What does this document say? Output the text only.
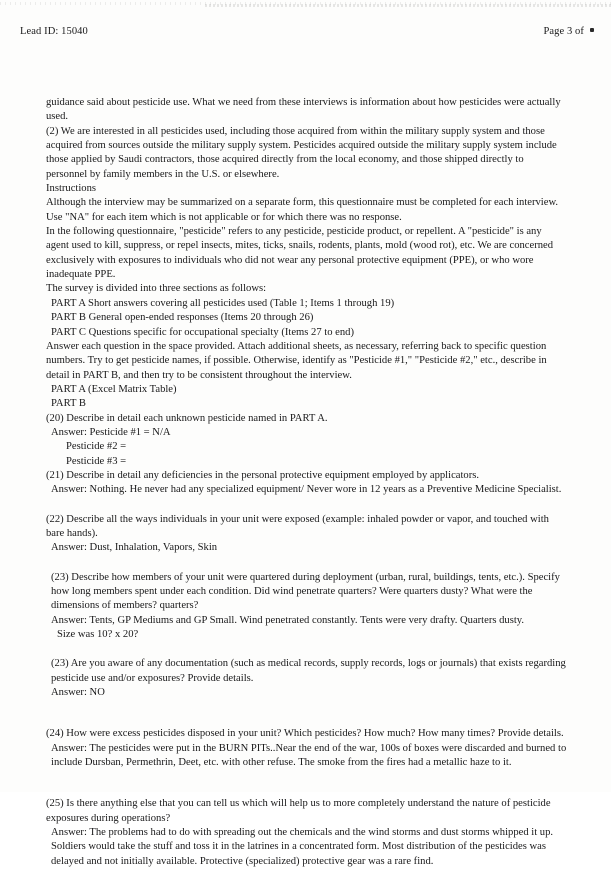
Lead ID: 15040	Page 3 of

guidance said about pesticide use. What we need from these interviews is information about how pesticides were actually used.

(2) We are interested in all pesticides used, including those acquired from within the military supply system and those acquired from sources outside the military supply system. Pesticides acquired outside the military supply system include those applied by Saudi contractors, those acquired directly from the local economy, and those shipped directly to personnel by family members in the U.S. or elsewhere.

Instructions

Although the interview may be summarized on a separate form, this questionnaire must be completed for each interview. Use "NA" for each item which is not applicable or for which there was no response.

In the following questionnaire, "pesticide" refers to any pesticide, pesticide product, or repellent. A "pesticide" is any agent used to kill, suppress, or repel insects, mites, ticks, snails, rodents, plants, mold (wood rot), etc. We are concerned exclusively with exposures to individuals who did not wear any personal protective equipment (PPE), or who wore inadequate PPE.

The survey is divided into three sections as follows:

PART A Short answers covering all pesticides used (Table 1; Items 1 through 19)

PART B General open-ended responses (Items 20 through 26)

PART C Questions specific for occupational specialty (Items 27 to end)

Answer each question in the space provided. Attach additional sheets, as necessary, referring back to specific question numbers. Try to get pesticide names, if possible. Otherwise, identify as "Pesticide #1," "Pesticide #2," etc., describe in detail in PART B, and then try to be consistent throughout the interview.

PART A (Excel Matrix Table)

PART B

(20) Describe in detail each unknown pesticide named in PART A.

Answer: Pesticide #1 = N/A

Pesticide #2 =

Pesticide #3 =

(21) Describe in detail any deficiencies in the personal protective equipment employed by applicators.

Answer: Nothing. He never had any specialized equipment/ Never wore in 12 years as a Preventive Medicine Specialist.

(22) Describe all the ways individuals in your unit were exposed (example: inhaled powder or vapor, and touched with bare hands).

Answer: Dust, Inhalation, Vapors, Skin

(23) Describe how members of your unit were quartered during deployment (urban, rural, buildings, tents, etc.). Specify how long members spent under each condition. Did wind penetrate quarters? Were quarters dusty? What were the dimensions of members? quarters?

Answer: Tents, GP Mediums and GP Small. Wind penetrated constantly. Tents were very drafty. Quarters dusty.

Size was 10? x 20?

(23) Are you aware of any documentation (such as medical records, supply records, logs or journals) that exists regarding pesticide use and/or exposures? Provide details.

Answer: NO

(24) How were excess pesticides disposed in your unit? Which pesticides? How much? How many times? Provide details.

Answer: The pesticides were put in the BURN PITs..Near the end of the war, 100s of boxes were discarded and burned to include Dursban, Permethrin, Deet, etc. with other refuse. The smoke from the fires had a metallic haze to it.

(25) Is there anything else that you can tell us which will help us to more completely understand the nature of pesticide exposures during operations?

Answer: The problems had to do with spreading out the chemicals and the wind storms and dust storms whipped it up. Soldiers would take the stuff and toss it in the latrines in a concentrated form. Most distribution of the pesticides was delayed and not initially available. Protective (specialized) protective gear was a rare find.
